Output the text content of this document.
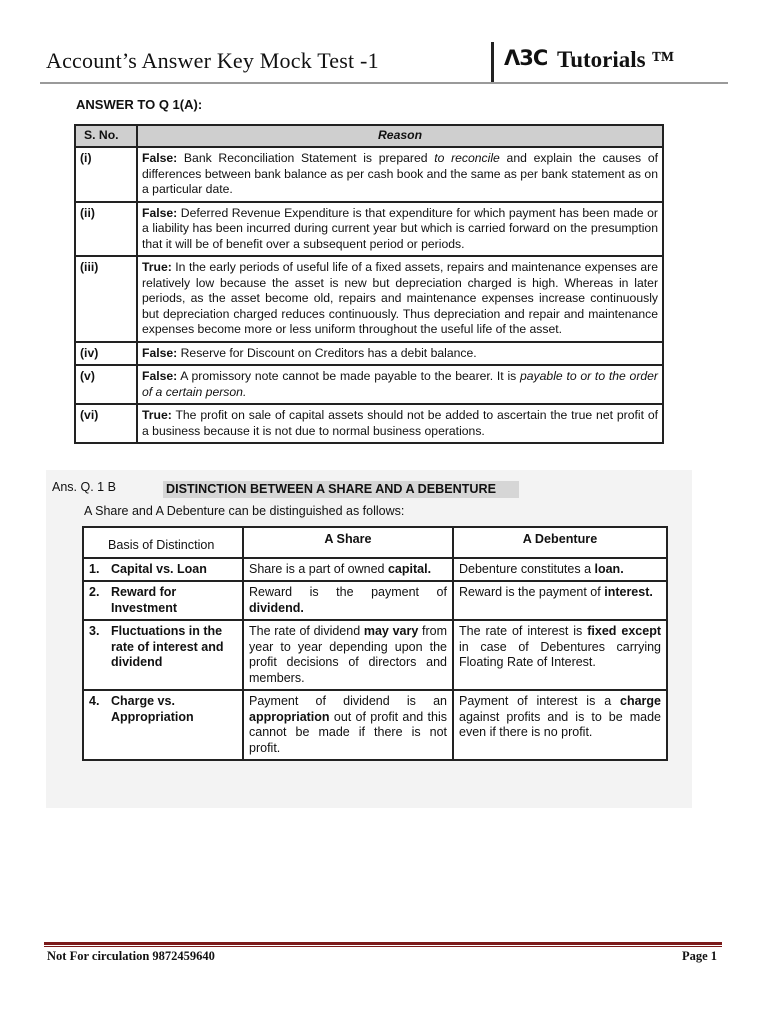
Account’s Answer Key Mock Test -1	ꓥ3C Tutorials ™
ANSWER TO Q 1(A):
S. No.	Reason
(i)	False: Bank Reconciliation Statement is prepared to reconcile and explain the causes of differences between bank balance as per cash book and the same as per bank statement as on a particular date.
(ii)	False: Deferred Revenue Expenditure is that expenditure for which payment has been made or a liability has been incurred during current year but which is carried forward on the presumption that it will be of benefit over a subsequent period or periods.
(iii)	True: In the early periods of useful life of a fixed assets, repairs and maintenance expenses are relatively low because the asset is new but depreciation charged is high. Whereas in later periods, as the asset become old, repairs and maintenance expenses increase continuously but depreciation charged reduces continuously. Thus depreciation and repair and maintenance expenses become more or less uniform throughout the useful life of the asset.
(iv)	False: Reserve for Discount on Creditors has a debit balance.
(v)	False: A promissory note cannot be made payable to the bearer. It is payable to or to the order of a certain person.
(vi)	True: The profit on sale of capital assets should not be added to ascertain the true net profit of a business because it is not due to normal business operations.
Ans. Q. 1 B	DISTINCTION BETWEEN A SHARE AND A DEBENTURE
A Share and A Debenture can be distinguished as follows:
Basis of Distinction	A Share	A Debenture
1. Capital vs. Loan	Share is a part of owned capital.	Debenture constitutes a loan.
2. Reward for Investment	Reward is the payment of dividend.	Reward is the payment of interest.
3. Fluctuations in the rate of interest and dividend	The rate of dividend may vary from year to year depending upon the profit decisions of directors and members.	The rate of interest is fixed except in case of Debentures carrying Floating Rate of Interest.
4. Charge vs. Appropriation	Payment of dividend is an appropriation out of profit and this cannot be made if there is not profit.	Payment of interest is a charge against profits and is to be made even if there is no profit.
Not For circulation 9872459640	Page 1
